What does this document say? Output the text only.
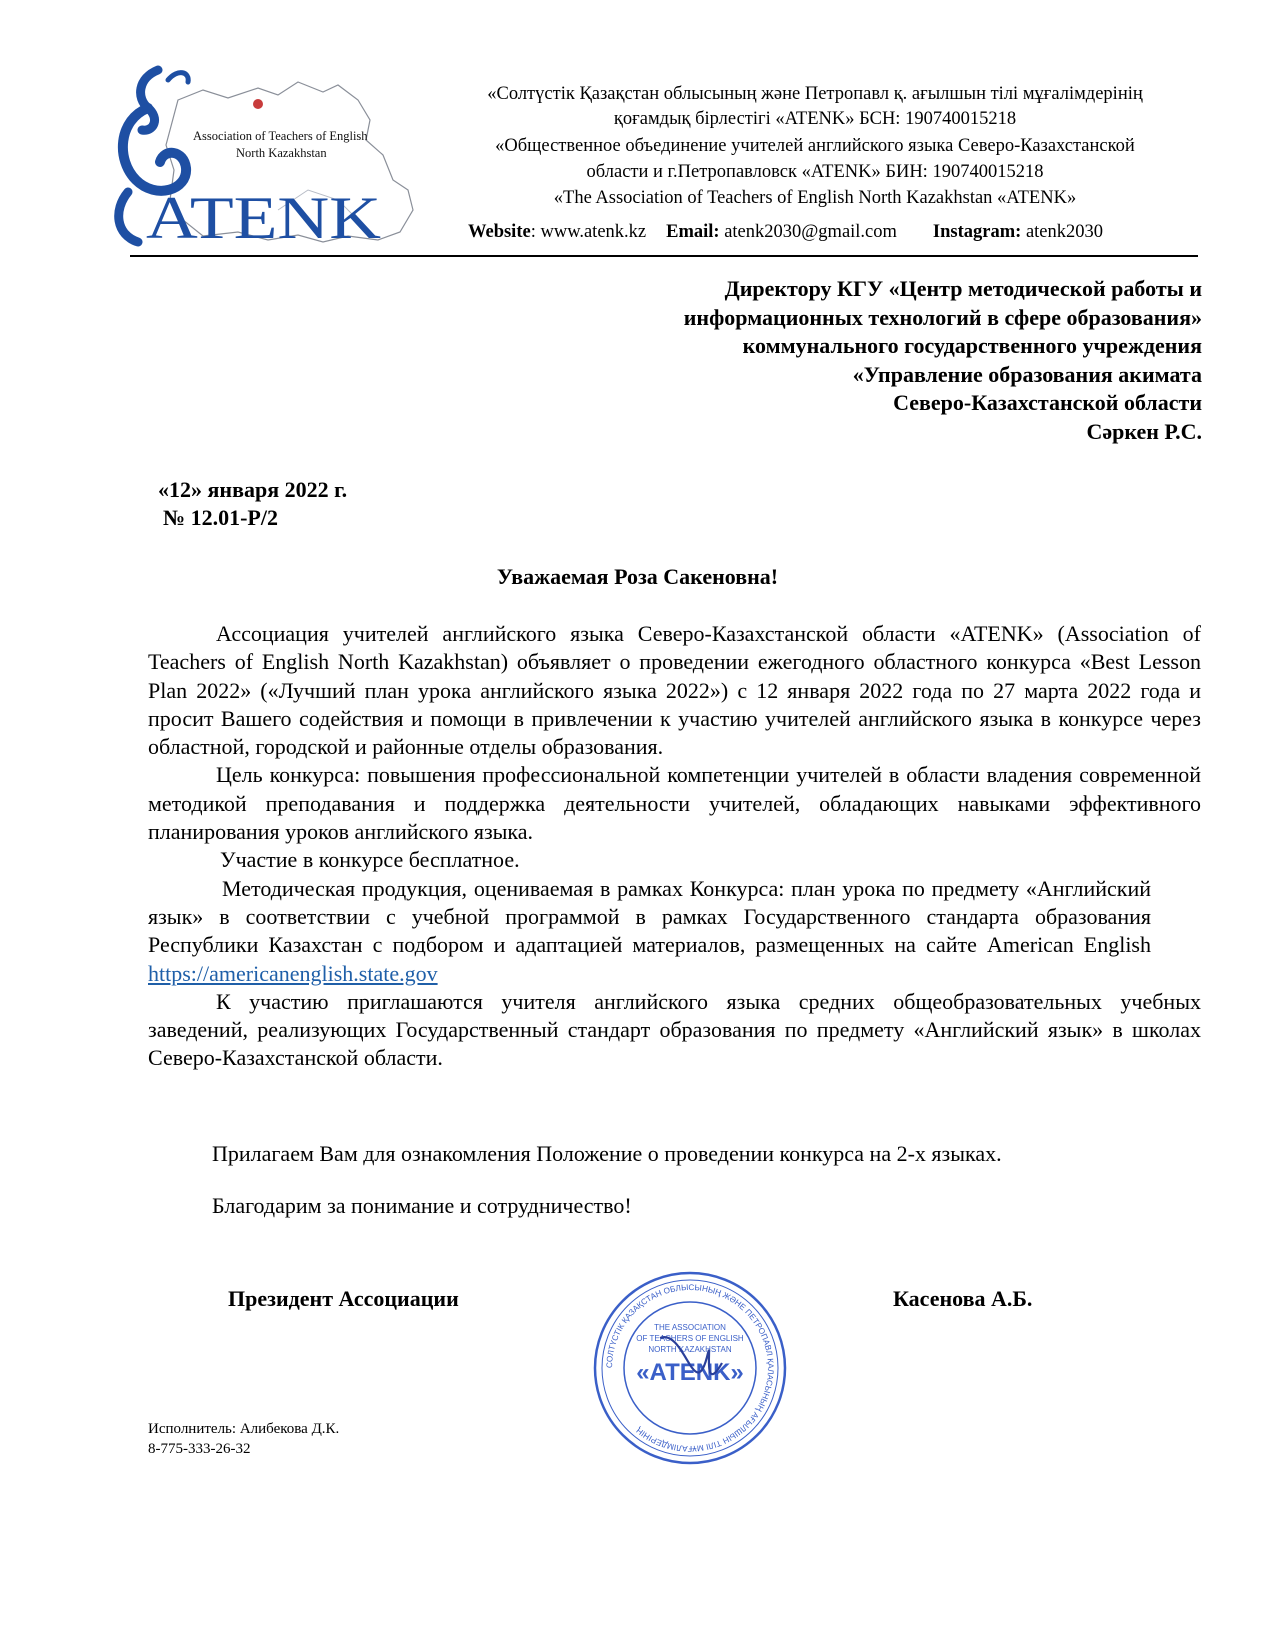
Association of Teachers of English
North Kazakhstan
ATENK
«Солтүстік Қазақстан облысының және Петропавл қ. ағылшын тілі мұғалімдерінің
қоғамдық бірлестігі «ATENK» БСН: 190740015218
«Общественное объединение учителей английского языка Северо-Казахстанской
области и г.Петропавловск «ATENK» БИН: 190740015218
«The Association of Teachers of English North Kazakhstan «ATENK»
Website: www.atenk.kz Email: atenk2030@gmail.com Instagram: atenk2030
Директору КГУ «Центр методической работы и
информационных технологий в сфере образования»
коммунального государственного учреждения
«Управление образования акимата
Северо-Казахстанской области
Сәркен Р.С.
«12» января 2022 г.
№ 12.01-Р/2
Уважаемая Роза Сакеновна!

Ассоциация учителей английского языка Северо-Казахстанской области «ATENK» (Association of Teachers of English North Kazakhstan) объявляет о проведении ежегодного областного конкурса «Best Lesson Plan 2022» («Лучший план урока английского языка 2022») с 12 января 2022 года по 27 марта 2022 года и просит Вашего содействия и помощи в привлечении к участию учителей английского языка в конкурсе через областной, городской и районные отделы образования.

Цель конкурса: повышения профессиональной компетенции учителей в области владения современной методикой преподавания и поддержка деятельности учителей, обладающих навыками эффективного планирования уроков английского языка.

Участие в конкурсе бесплатное.

Методическая продукция, оцениваемая в рамках Конкурса: план урока по предмету «Английский язык» в соответствии с учебной программой в рамках Государственного стандарта образования Республики Казахстан с подбором и адаптацией материалов, размещенных на сайте American English https://americanenglish.state.gov

К участию приглашаются учителя английского языка средних общеобразовательных учебных заведений, реализующих Государственный стандарт образования по предмету «Английский язык» в школах Северо-Казахстанской области.

Прилагаем Вам для ознакомления Положение о проведении конкурса на 2-х языках.
Благодарим за понимание и сотрудничество!
Президент Ассоциации	Касенова А.Б.
СОЛТҮСТІК ҚАЗАҚСТАН ОБЛЫСЫНЫҢ ЖӘНЕ ПЕТРОПАВЛ ҚАЛАСЫНЫҢ АҒЫЛШЫН ТІЛІ МҰҒАЛІМДЕРІНІҢ
THE ASSOCIATION
OF TEACHERS OF ENGLISH
NORTH KAZAKHSTAN
«ATENK»
Исполнитель: Алибекова Д.К.
8-775-333-26-32
